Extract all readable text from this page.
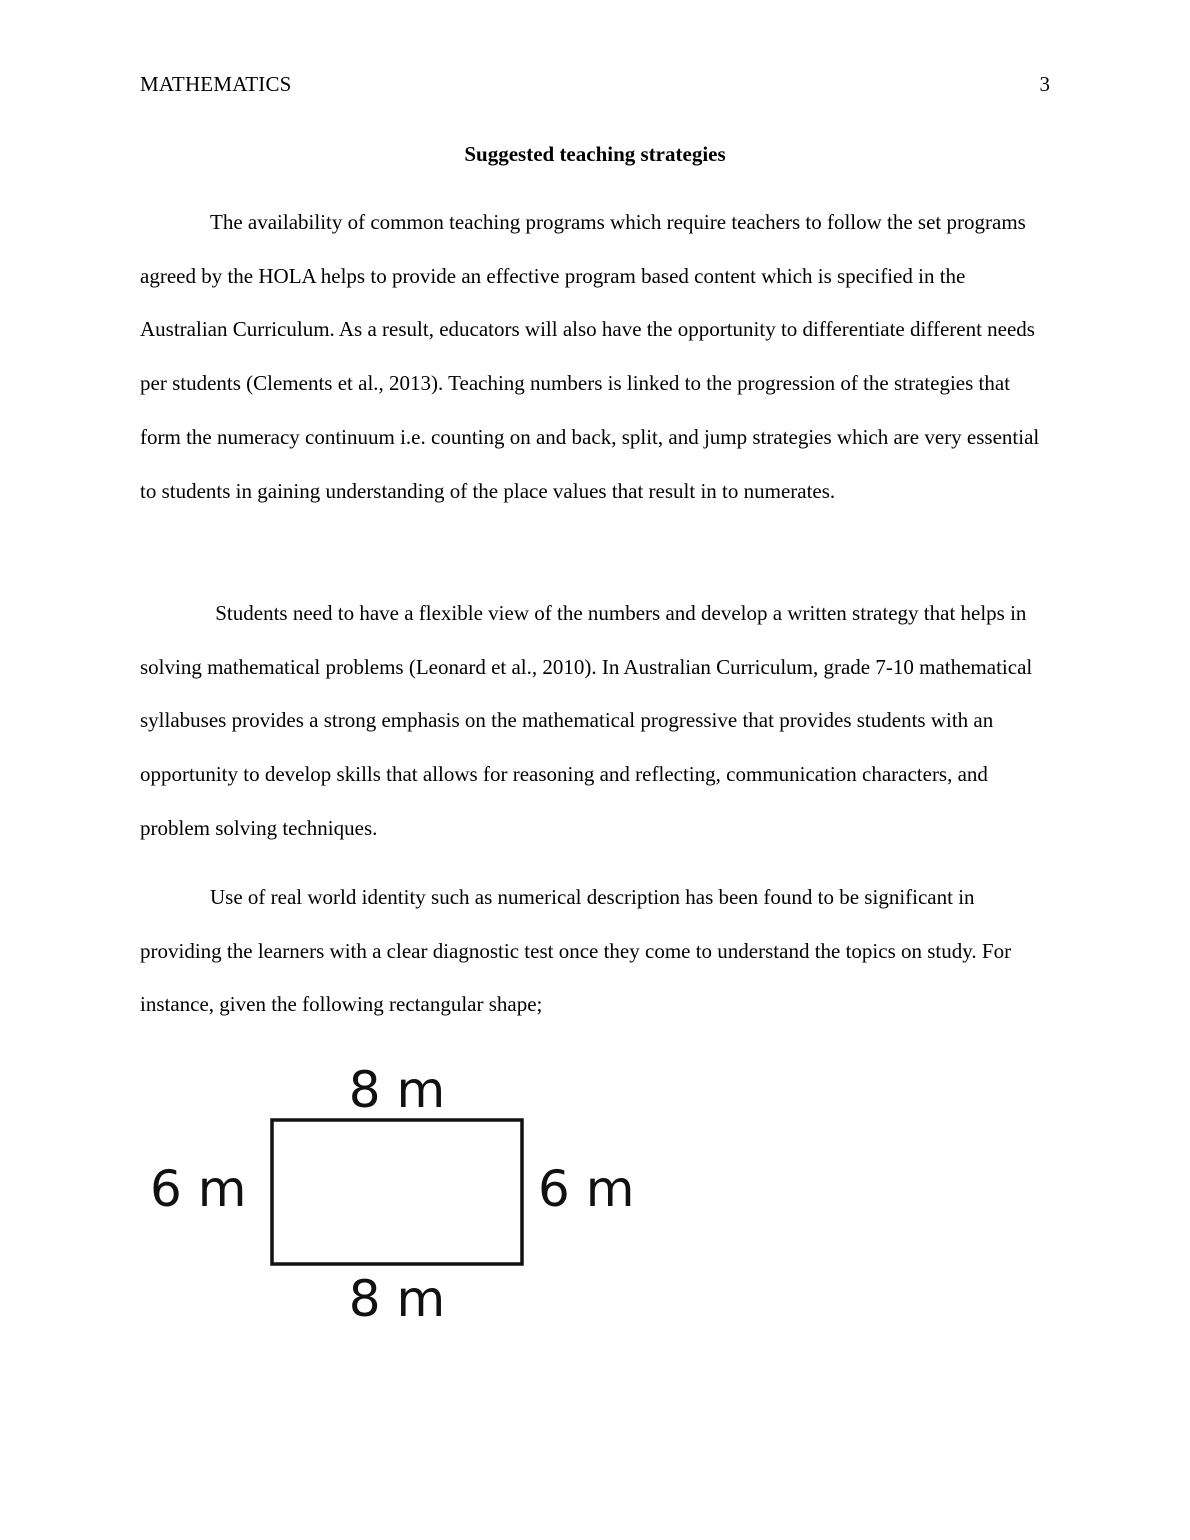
MATHEMATICS	3
Suggested teaching strategies

The availability of common teaching programs which require teachers to follow the set programs agreed by the HOLA helps to provide an effective program based content which is specified in the Australian Curriculum. As a result, educators will also have the opportunity to differentiate different needs per students (Clements et al., 2013). Teaching numbers is linked to the progression of the strategies that form the numeracy continuum i.e. counting on and back, split, and jump strategies which are very essential to students in gaining understanding of the place values that result in to numerates.

Students need to have a flexible view of the numbers and develop a written strategy that helps in solving mathematical problems (Leonard et al., 2010). In Australian Curriculum, grade 7-10 mathematical syllabuses provides a strong emphasis on the mathematical progressive that provides students with an opportunity to develop skills that allows for reasoning and reflecting, communication characters, and problem solving techniques.

Use of real world identity such as numerical description has been found to be significant in providing the learners with a clear diagnostic test once they come to understand the topics on study. For instance, given the following rectangular shape;

8 m
8 m
6 m	6 m
